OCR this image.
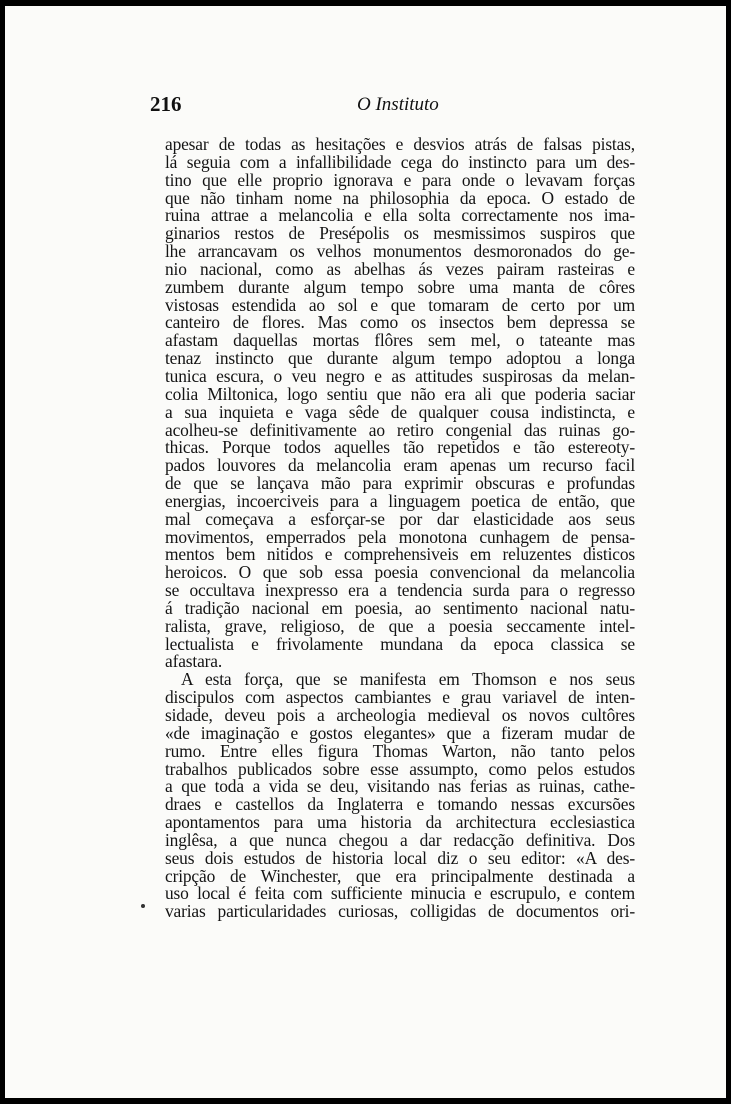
216	O Instituto
apesar de todas as hesitações e desvios atrás de falsas pistas,
lá seguia com a infallibilidade cega do instincto para um des-
tino que elle proprio ignorava e para onde o levavam forças
que não tinham nome na philosophia da epoca. O estado de
ruina attrae a melancolia e ella solta correctamente nos ima-
ginarios restos de Presépolis os mesmissimos suspiros que
lhe arrancavam os velhos monumentos desmoronados do ge-
nio nacional, como as abelhas ás vezes pairam rasteiras e
zumbem durante algum tempo sobre uma manta de côres
vistosas estendida ao sol e que tomaram de certo por um
canteiro de flores. Mas como os insectos bem depressa se
afastam daquellas mortas flôres sem mel, o tateante mas
tenaz instincto que durante algum tempo adoptou a longa
tunica escura, o veu negro e as attitudes suspirosas da melan-
colia Miltonica, logo sentiu que não era ali que poderia saciar
a sua inquieta e vaga sêde de qualquer cousa indistincta, e
acolheu-se definitivamente ao retiro congenial das ruinas go-
thicas. Porque todos aquelles tão repetidos e tão estereoty-
pados louvores da melancolia eram apenas um recurso facil
de que se lançava mão para exprimir obscuras e profundas
energias, incoerciveis para a linguagem poetica de então, que
mal começava a esforçar-se por dar elasticidade aos seus
movimentos, emperrados pela monotona cunhagem de pensa-
mentos bem nitidos e comprehensiveis em reluzentes disticos
heroicos. O que sob essa poesia convencional da melancolia
se occultava inexpresso era a tendencia surda para o regresso
á tradição nacional em poesia, ao sentimento nacional natu-
ralista, grave, religioso, de que a poesia seccamente intel-
lectualista e frivolamente mundana da epoca classica se
afastara.
A esta força, que se manifesta em Thomson e nos seus
discipulos com aspectos cambiantes e grau variavel de inten-
sidade, deveu pois a archeologia medieval os novos cultôres
«de imaginação e gostos elegantes» que a fizeram mudar de
rumo. Entre elles figura Thomas Warton, não tanto pelos
trabalhos publicados sobre esse assumpto, como pelos estudos
a que toda a vida se deu, visitando nas ferias as ruinas, cathe-
draes e castellos da Inglaterra e tomando nessas excursões
apontamentos para uma historia da architectura ecclesiastica
inglêsa, a que nunca chegou a dar redacção definitiva. Dos
seus dois estudos de historia local diz o seu editor: «A des-
cripção de Winchester, que era principalmente destinada a
uso local é feita com sufficiente minucia e escrupulo, e contem
varias particularidades curiosas, colligidas de documentos ori-
